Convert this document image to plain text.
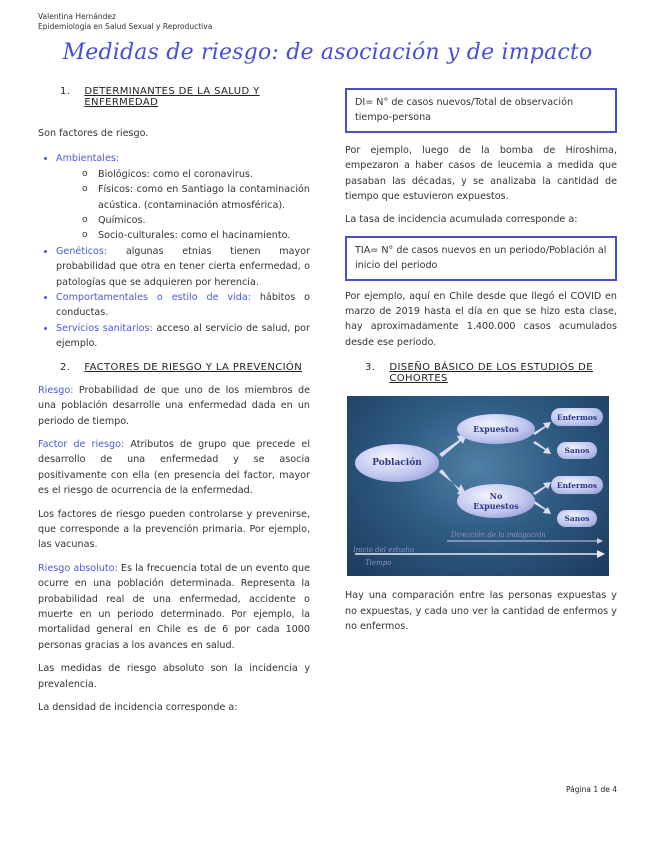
Valentina Hernández
Epidemiología en Salud Sexual y Reproductiva
Medidas de riesgo: de asociación y de impacto
1. DETERMINANTES DE LA SALUD Y ENFERMEDAD

Son factores de riesgo.

• Ambientales:
o Biológicos: como el coronavirus.
o Físicos: como en Santiago la contaminación acústica. (contaminación atmosférica).
o Químicos.
o Socio-culturales: como el hacinamiento.
• Genéticos: algunas etnias tienen mayor probabilidad que otra en tener cierta enfermedad, o patologías que se adquieren por herencia.
• Comportamentales o estilo de vida: hábitos o conductas.
• Servicios sanitarios: acceso al servicio de salud, por ejemplo.
2. FACTORES DE RIESGO Y LA PREVENCIÓN

Riesgo: Probabilidad de que uno de los miembros de una población desarrolle una enfermedad dada en un periodo de tiempo.

Factor de riesgo: Atributos de grupo que precede el desarrollo de una enfermedad y se asocia positivamente con ella (en presencia del factor, mayor es el riesgo de ocurrencia de la enfermedad.

Los factores de riesgo pueden controlarse y prevenirse, que corresponde a la prevención primaria. Por ejemplo, las vacunas.

Riesgo absoluto: Es la frecuencia total de un evento que ocurre en una población determinada. Representa la probabilidad real de una enfermedad, accidente o muerte en un periodo determinado. Por ejemplo, la mortalidad general en Chile es de 6 por cada 1000 personas gracias a los avances en salud.

Las medidas de riesgo absoluto son la incidencia y prevalencia.

La densidad de incidencia corresponde a:

DI= N° de casos nuevos/Total de observación tiempo-persona

Por ejemplo, luego de la bomba de Hiroshima, empezaron a haber casos de leucemia a medida que pasaban las décadas, y se analizaba la cantidad de tiempo que estuvieron expuestos.

La tasa de incidencia acumulada corresponde a:

TIA= N° de casos nuevos en un periodo/Población al inicio del periodo

Por ejemplo, aquí en Chile desde que llegó el COVID en marzo de 2019 hasta el día en que se hizo esta clase, hay aproximadamente 1.400.000 casos acumulados desde ese periodo.

3. DISEÑO BÁSICO DE LOS ESTUDIOS DE COHORTES
Población
Expuestos
No
Expuestos
Enfermos
Sanos
Enfermos
Sanos
Dirección de la indagación
Inicio del estudio
Tiempo

Hay una comparación entre las personas expuestas y no expuestas, y cada uno ver la cantidad de enfermos y no enfermos.

Página 1 de 4
